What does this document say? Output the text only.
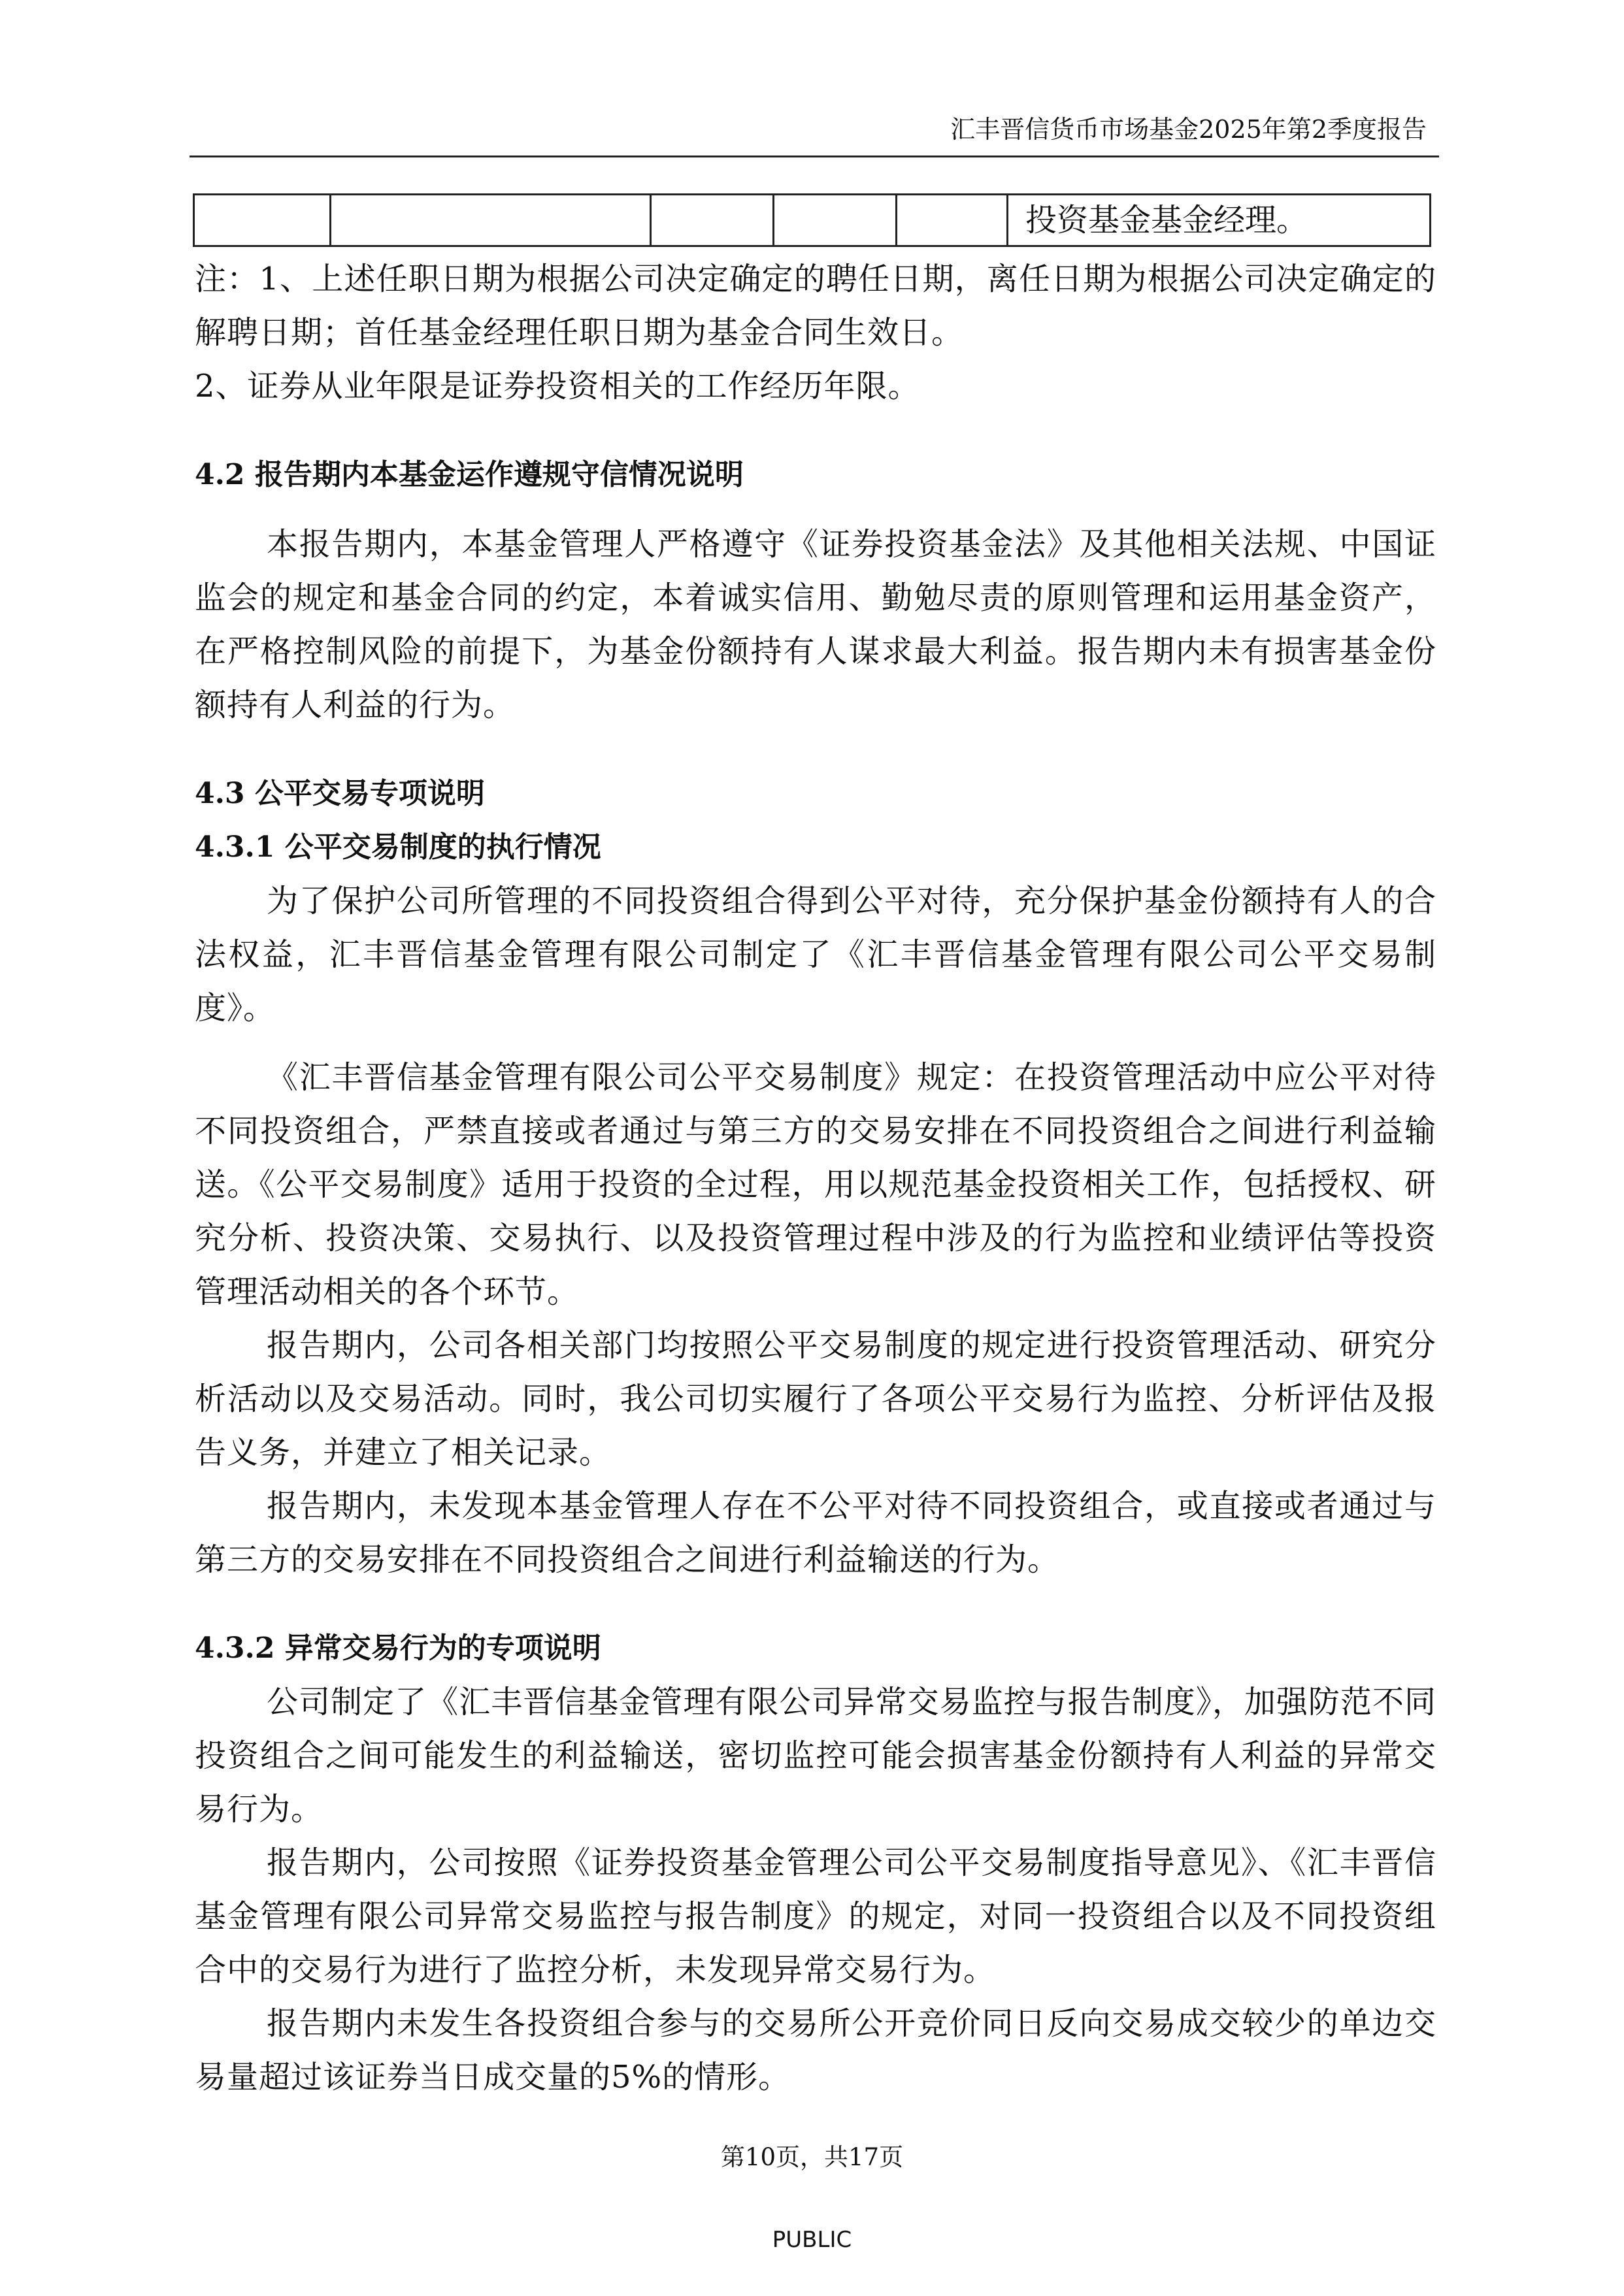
汇丰晋信货币市场基金2025年第2季度报告
					投资基金基金经理。

注：1、上述任职日期为根据公司决定确定的聘任日期，离任日期为根据公司决定确定的解聘日期；首任基金经理任职日期为基金合同生效日。

2、证券从业年限是证券投资相关的工作经历年限。

4.2 报告期内本基金运作遵规守信情况说明

本报告期内，本基金管理人严格遵守《证券投资基金法》及其他相关法规、中国证监会的规定和基金合同的约定，本着诚实信用、勤勉尽责的原则管理和运用基金资产，在严格控制风险的前提下，为基金份额持有人谋求最大利益。报告期内未有损害基金份额持有人利益的行为。

4.3 公平交易专项说明
4.3.1 公平交易制度的执行情况

为了保护公司所管理的不同投资组合得到公平对待，充分保护基金份额持有人的合法权益，汇丰晋信基金管理有限公司制定了《汇丰晋信基金管理有限公司公平交易制度》。

《汇丰晋信基金管理有限公司公平交易制度》规定：在投资管理活动中应公平对待不同投资组合，严禁直接或者通过与第三方的交易安排在不同投资组合之间进行利益输送。《公平交易制度》适用于投资的全过程，用以规范基金投资相关工作，包括授权、研究分析、投资决策、交易执行、以及投资管理过程中涉及的行为监控和业绩评估等投资管理活动相关的各个环节。

报告期内，公司各相关部门均按照公平交易制度的规定进行投资管理活动、研究分析活动以及交易活动。同时，我公司切实履行了各项公平交易行为监控、分析评估及报告义务，并建立了相关记录。

报告期内，未发现本基金管理人存在不公平对待不同投资组合，或直接或者通过与第三方的交易安排在不同投资组合之间进行利益输送的行为。

4.3.2 异常交易行为的专项说明

公司制定了《汇丰晋信基金管理有限公司异常交易监控与报告制度》，加强防范不同投资组合之间可能发生的利益输送，密切监控可能会损害基金份额持有人利益的异常交易行为。

报告期内，公司按照《证券投资基金管理公司公平交易制度指导意见》、《汇丰晋信基金管理有限公司异常交易监控与报告制度》的规定，对同一投资组合以及不同投资组合中的交易行为进行了监控分析，未发现异常交易行为。

报告期内未发生各投资组合参与的交易所公开竞价同日反向交易成交较少的单边交易量超过该证券当日成交量的5%的情形。

第10页，共17页
PUBLIC
